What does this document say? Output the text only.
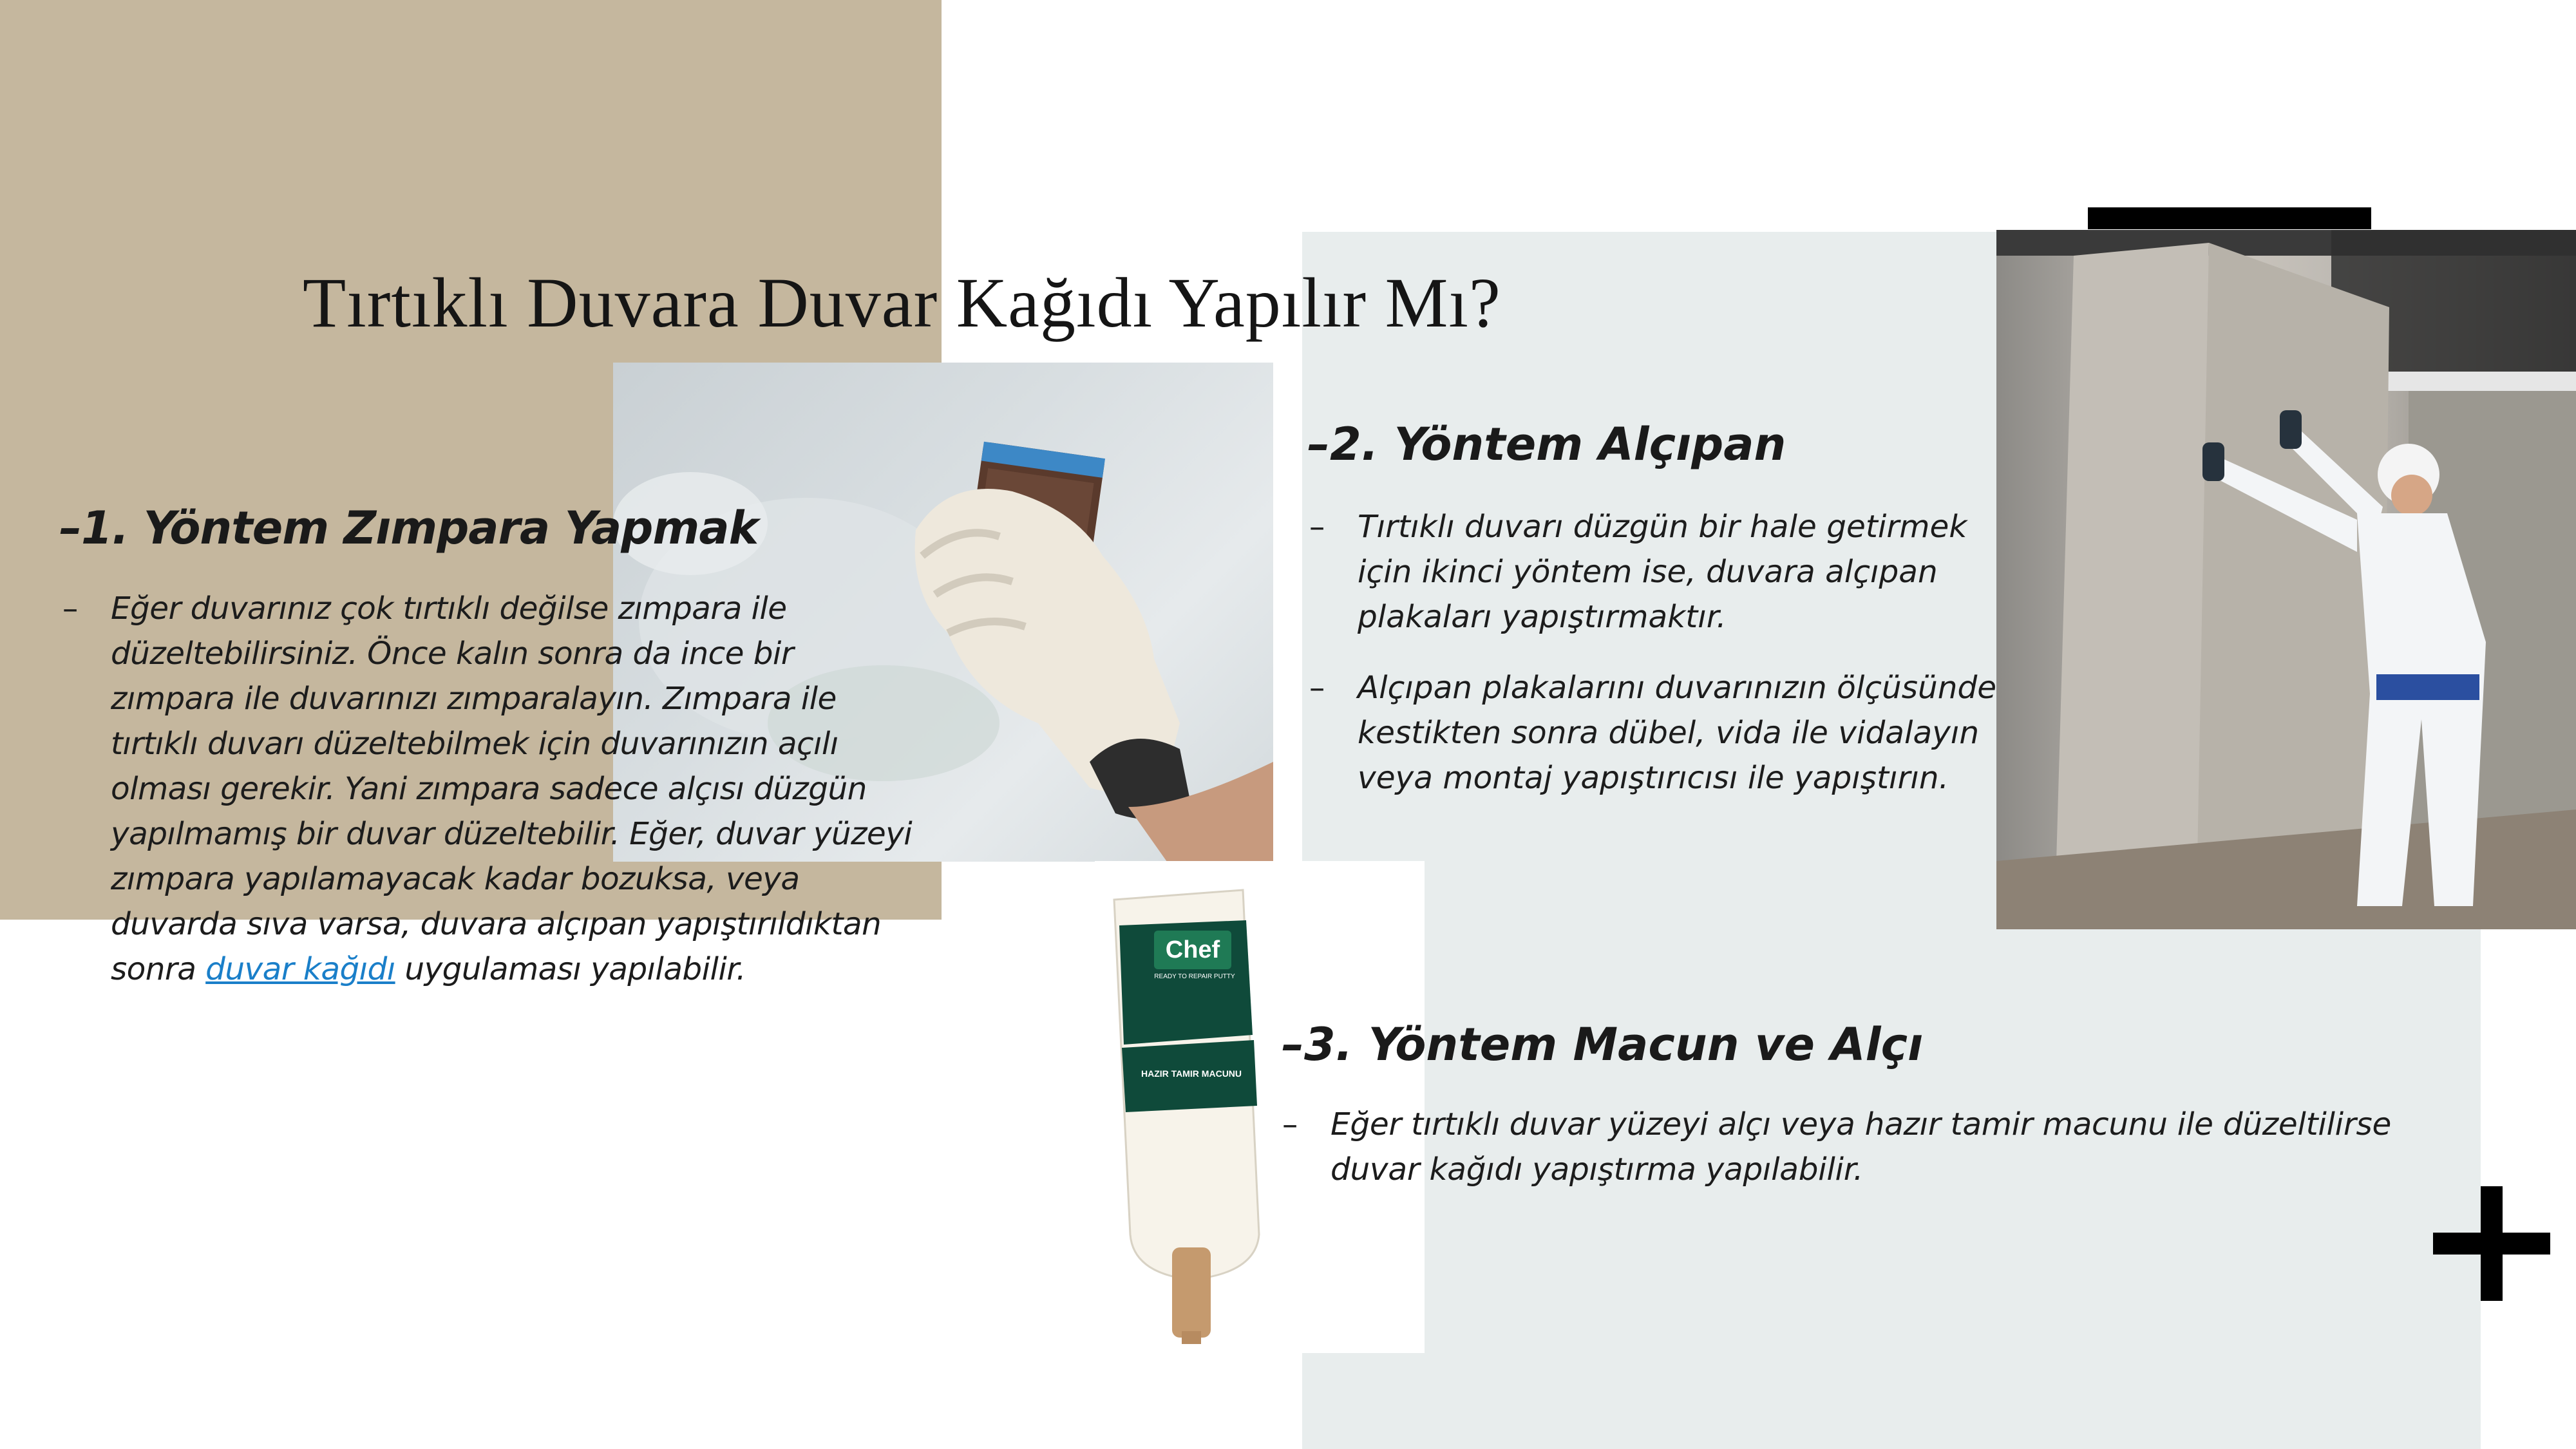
Chef
READY TO REPAIR PUTTY
HAZIR TAMIR MACUNU
Tırtıklı Duvara Duvar Kağıdı Yapılır Mı?
–1. Yöntem Zımpara Yapmak
– Eğer duvarınız çok tırtıklı değilse zımpara ile düzeltebilirsiniz. Önce kalın sonra da ince bir zımpara ile duvarınızı zımparalayın. Zımpara ile tırtıklı duvarı düzeltebilmek için duvarınızın açılı olması gerekir. Yani zımpara sadece alçısı düzgün yapılmamış bir duvar düzeltebilir. Eğer, duvar yüzeyi zımpara yapılamayacak kadar bozuksa, veya duvarda sıva varsa, duvara alçıpan yapıştırıldıktan sonra duvar kağıdı uygulaması yapılabilir.
–2. Yöntem Alçıpan
– Tırtıklı duvarı düzgün bir hale getirmek için ikinci yöntem ise, duvara alçıpan plakaları yapıştırmaktır.
– Alçıpan plakalarını duvarınızın ölçüsünde kestikten sonra dübel, vida ile vidalayın veya montaj yapıştırıcısı ile yapıştırın.
–3. Yöntem Macun ve Alçı
– Eğer tırtıklı duvar yüzeyi alçı veya hazır tamir macunu ile düzeltilirse duvar kağıdı yapıştırma yapılabilir.
